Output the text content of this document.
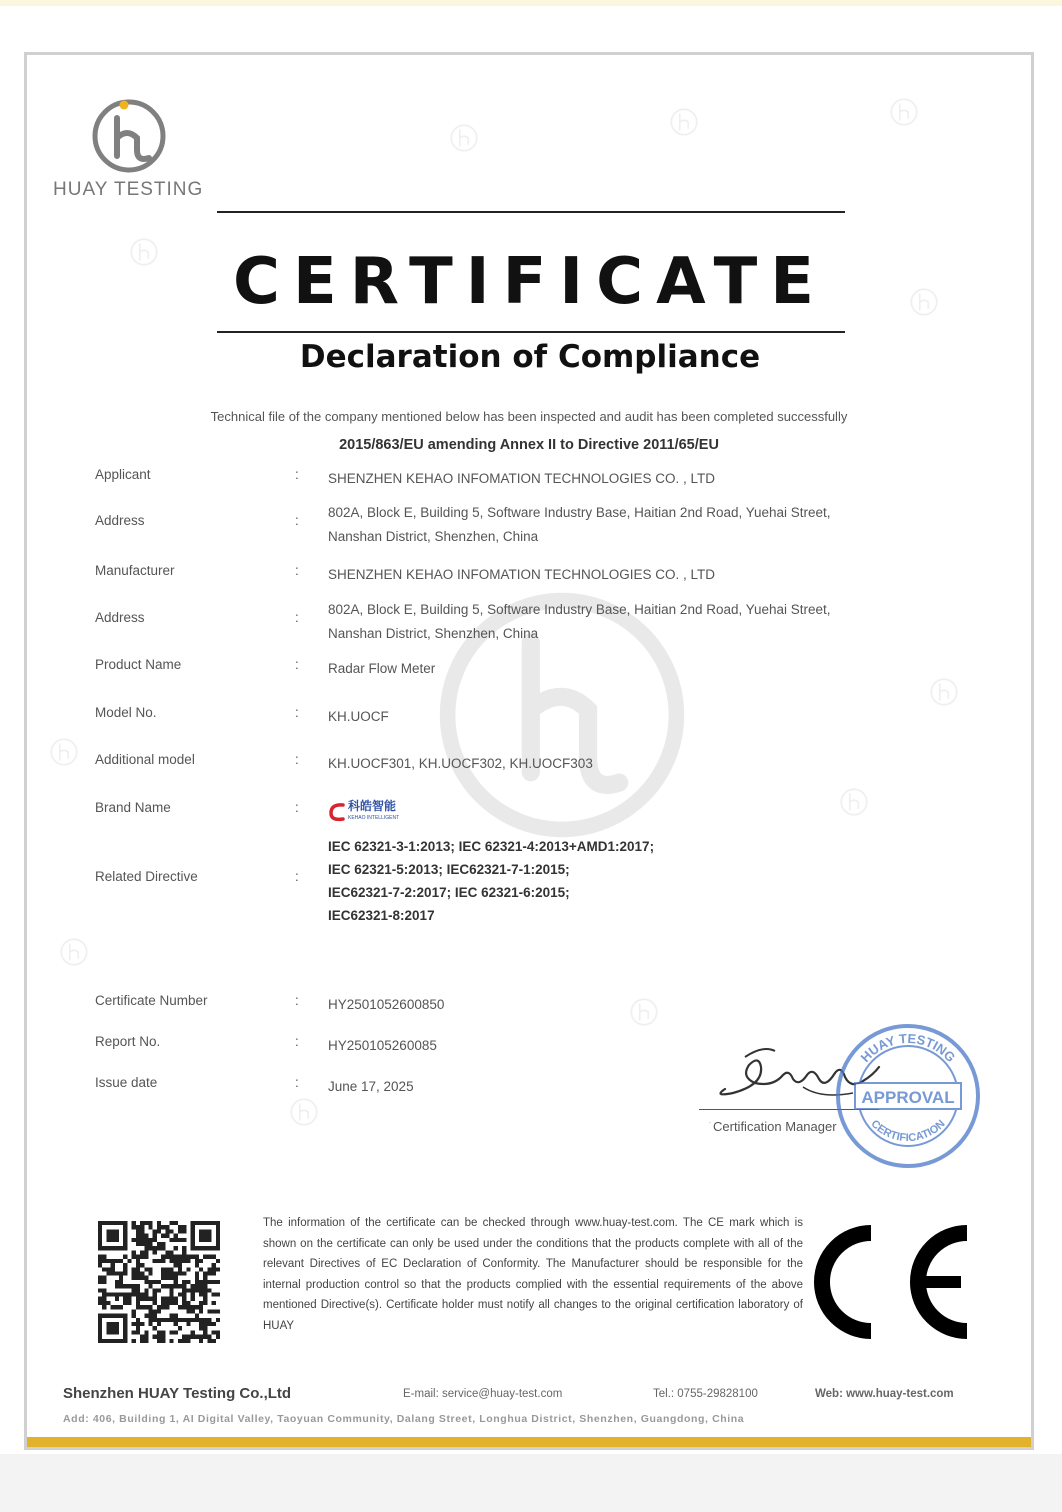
HUAY TESTING
CERTIFICATE
Declaration of Compliance
Technical file of the company mentioned below has been inspected and audit has been completed successfully
2015/863/EU amending Annex II to Directive 2011/65/EU
Applicant	:	SHENZHEN KEHAO INFOMATION TECHNOLOGIES CO. , LTD
Address	:
802A, Block E, Building 5, Software Industry Base, Haitian 2nd Road, Yuehai Street,
Nanshan District, Shenzhen, China
Manufacturer	:	SHENZHEN KEHAO INFOMATION TECHNOLOGIES CO. , LTD
Address	:
802A, Block E, Building 5, Software Industry Base, Haitian 2nd Road, Yuehai Street,
Nanshan District, Shenzhen, China
Product Name	:	Radar Flow Meter
Model No.	:	KH.UOCF
Additional model	:	KH.UOCF301, KH.UOCF302, KH.UOCF303
Brand Name	:	科皓智能
KEHAO INTELLIGENT
Related Directive	:
IEC 62321-3-1:2013; IEC 62321-4:2013+AMD1:2017;
IEC 62321-5:2013; IEC62321-7-1:2015;
IEC62321-7-2:2017; IEC 62321-6:2015;
IEC62321-8:2017
Certificate Number	:	HY2501052600850
Report No.	:	HY250105260085
Issue date	:	June 17, 2025
Certification Manager
HUAY TESTING
CERTIFICATION
APPROVAL
The information of the certificate can be checked through www.huay-test.com. The CE mark which is shown on the certificate can only be used under the conditions that the products complete with all of the relevant Directives of EC Declaration of Conformity. The Manufacturer should be responsible for the internal production control so that the products complied with the essential requirements of the above mentioned Directive(s). Certificate holder must notify all changes to the original certification laboratory of HUAY
CE
Shenzhen HUAY Testing Co.,Ltd	E-mail: service@huay-test.com	Tel.: 0755-29828100	Web: www.huay-test.com
Add: 406, Building 1, AI Digital Valley, Taoyuan Community, Dalang Street, Longhua District, Shenzhen, Guangdong, China
